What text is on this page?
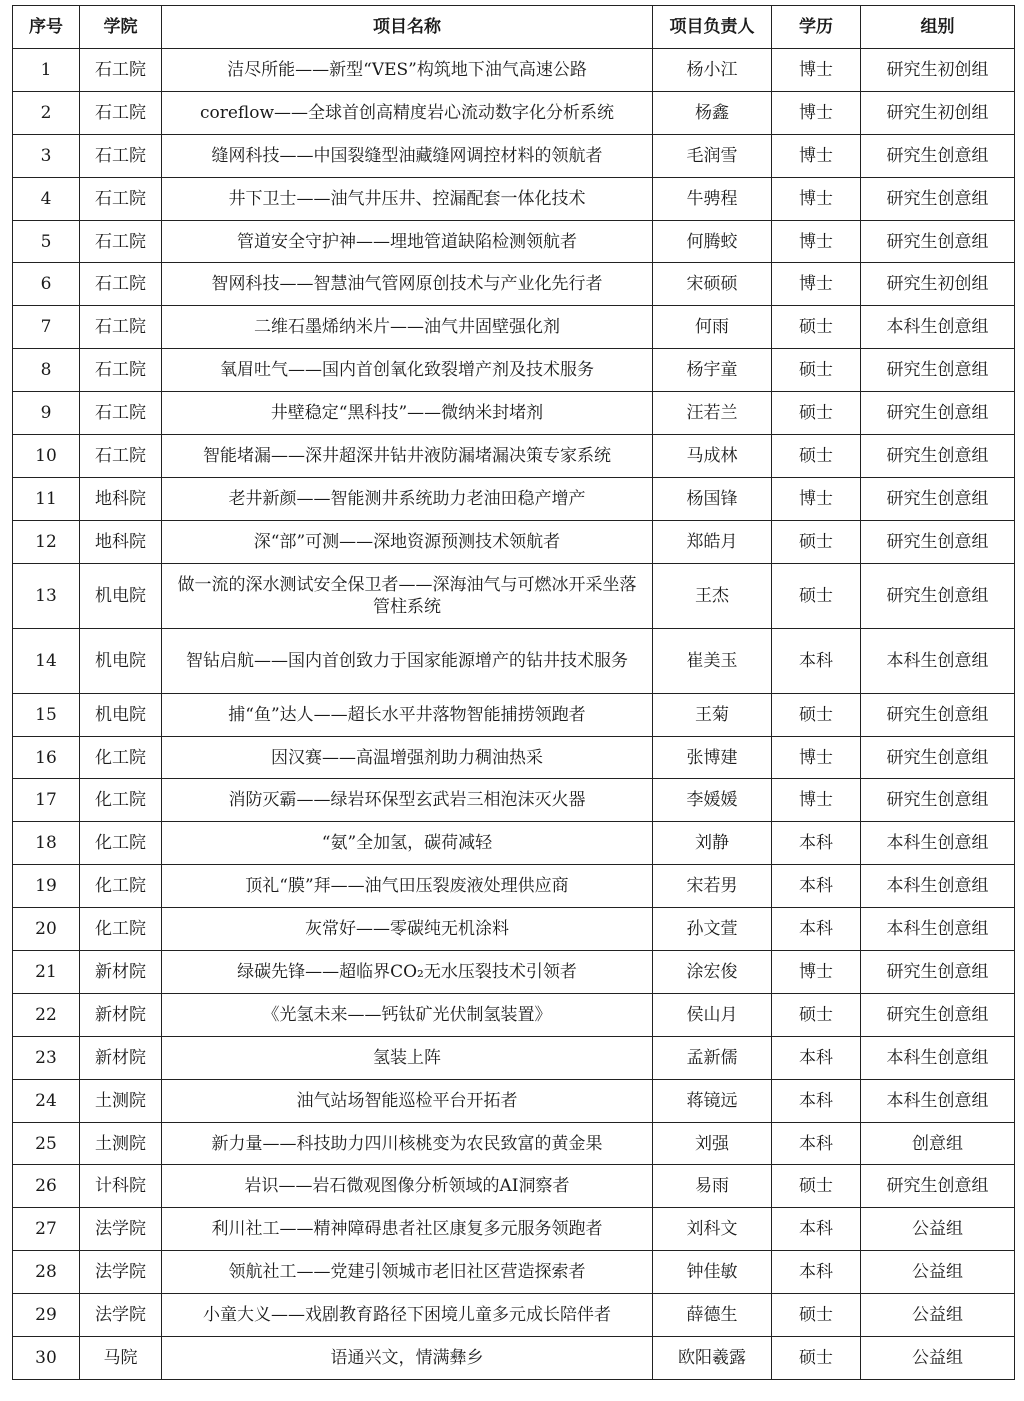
序号	学院	项目名称	项目负责人	学历	组别
1	石工院	洁尽所能——新型“VES”构筑地下油气高速公路	杨小江	博士	研究生初创组
2	石工院	coreflow——全球首创高精度岩心流动数字化分析系统	杨鑫	博士	研究生初创组
3	石工院	缝网科技——中国裂缝型油藏缝网调控材料的领航者	毛润雪	博士	研究生创意组
4	石工院	井下卫士——油气井压井、控漏配套一体化技术	牛骋程	博士	研究生创意组
5	石工院	管道安全守护神——埋地管道缺陷检测领航者	何腾蛟	博士	研究生创意组
6	石工院	智网科技——智慧油气管网原创技术与产业化先行者	宋硕硕	博士	研究生初创组
7	石工院	二维石墨烯纳米片——油气井固壁强化剂	何雨	硕士	本科生创意组
8	石工院	氧眉吐气——国内首创氧化致裂增产剂及技术服务	杨宇童	硕士	研究生创意组
9	石工院	井壁稳定“黑科技”——微纳米封堵剂	汪若兰	硕士	研究生创意组
10	石工院	智能堵漏——深井超深井钻井液防漏堵漏决策专家系统	马成林	硕士	研究生创意组
11	地科院	老井新颜——智能测井系统助力老油田稳产增产	杨国锋	博士	研究生创意组
12	地科院	深“部”可测——深地资源预测技术领航者	郑皓月	硕士	研究生创意组
13	机电院	做一流的深水测试安全保卫者——深海油气与可燃冰开采坐落管柱系统	王杰	硕士	研究生创意组
14	机电院	智钻启航——国内首创致力于国家能源增产的钻井技术服务	崔美玉	本科	本科生创意组
15	机电院	捕“鱼”达人——超长水平井落物智能捕捞领跑者	王菊	硕士	研究生创意组
16	化工院	因汉赛——高温增强剂助力稠油热采	张博建	博士	研究生创意组
17	化工院	消防灭霸——绿岩环保型玄武岩三相泡沫灭火器	李媛媛	博士	研究生创意组
18	化工院	“氨”全加氢，碳荷减轻	刘静	本科	本科生创意组
19	化工院	顶礼“膜”拜——油气田压裂废液处理供应商	宋若男	本科	本科生创意组
20	化工院	灰常好——零碳纯无机涂料	孙文萱	本科	本科生创意组
21	新材院	绿碳先锋——超临界CO₂无水压裂技术引领者	涂宏俊	博士	研究生创意组
22	新材院	《光氢未来——钙钛矿光伏制氢装置》	侯山月	硕士	研究生创意组
23	新材院	氢装上阵	孟新儒	本科	本科生创意组
24	土测院	油气站场智能巡检平台开拓者	蒋镜远	本科	本科生创意组
25	土测院	新力量——科技助力四川核桃变为农民致富的黄金果	刘强	本科	创意组
26	计科院	岩识——岩石微观图像分析领域的AI洞察者	易雨	硕士	研究生创意组
27	法学院	利川社工——精神障碍患者社区康复多元服务领跑者	刘科文	本科	公益组
28	法学院	领航社工——党建引领城市老旧社区营造探索者	钟佳敏	本科	公益组
29	法学院	小童大义——戏剧教育路径下困境儿童多元成长陪伴者	薛德生	硕士	公益组
30	马院	语通兴文，情满彝乡	欧阳羲露	硕士	公益组
